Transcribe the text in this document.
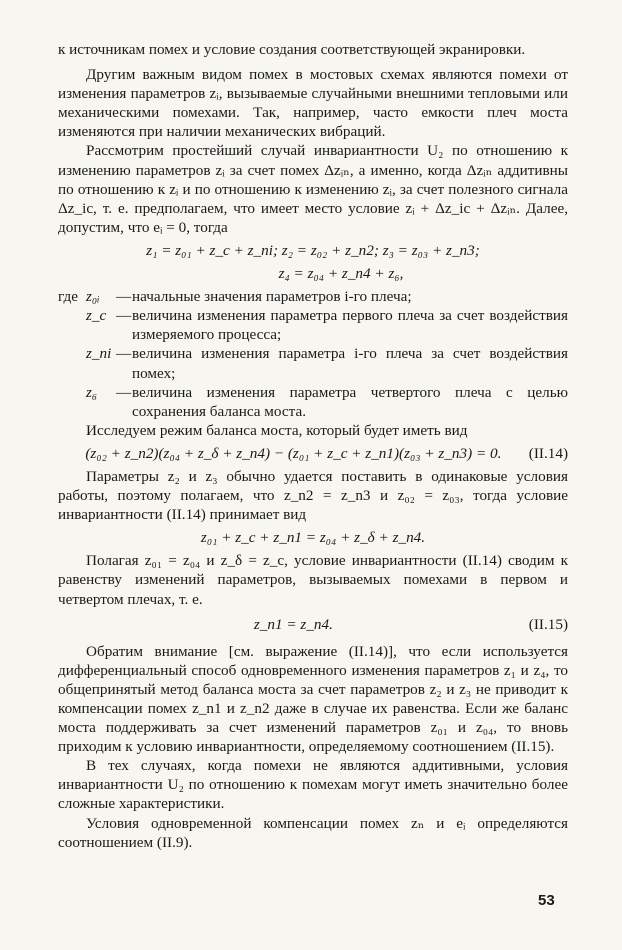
к источникам помех и условие создания соответствующей экранировки.

Другим важным видом помех в мостовых схемах являются помехи от изменения параметров zᵢ, вызываемые случайными внешними тепловыми или механическими помехами. Так, например, часто емкости плеч моста изменяются при наличии механических вибраций.

Рассмотрим простейший случай инвариантности U₂ по отношению к изменению параметров zᵢ за счет помех Δzᵢₙ, а именно, когда Δzᵢₙ аддитивны по отношению к zᵢ и по отношению к изменению zᵢ, за счет полезного сигнала Δz_ic, т. е. предполагаем, что имеет место условие zᵢ + Δz_ic + Δzᵢₙ. Далее, допустим, что eᵢ = 0, тогда

z₁ = z₀₁ + z_c + z_ni; z₂ = z₀₂ + z_n2; z₃ = z₀₃ + z_n3;
z₄ = z₀₄ + z_n4 + z₆,
где z₀ᵢ	— начальные значения параметров i-го плеча;
z_c — величина изменения параметра первого плеча за счет воздействия измеряемого процесса;
z_ni — величина изменения параметра i-го плеча за счет воздействия помех;
z₆	— величина изменения параметра четвертого плеча с целью сохранения баланса моста.

Исследуем режим баланса моста, который будет иметь вид

(z₀₂ + z_n2)(z₀₄ + z_δ + z_n4) − (z₀₁ + z_c + z_n1)(z₀₃ + z_n3) = 0.	(II.14)

Параметры z₂ и z₃ обычно удается поставить в одинаковые условия работы, поэтому полагаем, что z_n2 = z_n3 и z₀₂ = z₀₃, тогда условие инвариантности (II.14) принимает вид

z₀₁ + z_c + z_n1 = z₀₄ + z_δ + z_n4.

Полагая z₀₁ = z₀₄ и z_δ = z_c, условие инвариантности (II.14) сводим к равенству изменений параметров, вызываемых помехами в первом и четвертом плечах, т. е.

z_n1 = z_n4.	(II.15)

Обратим внимание [см. выражение (II.14)], что если используется дифференциальный способ одновременного изменения параметров z₁ и z₄, то общепринятый метод баланса моста за счет параметров z₂ и z₃ не приводит к компенсации помех z_n1 и z_n2 даже в случае их равенства. Если же баланс моста поддерживать за счет изменений параметров z₀₁ и z₀₄, то вновь приходим к условию инвариантности, определяемому соотношением (II.15).

В тех случаях, когда помехи не являются аддитивными, условия инвариантности U₂ по отношению к помехам могут иметь значительно более сложные характеристики.

Условия одновременной компенсации помех zₙ и eᵢ определяются соотношением (II.9).

53
